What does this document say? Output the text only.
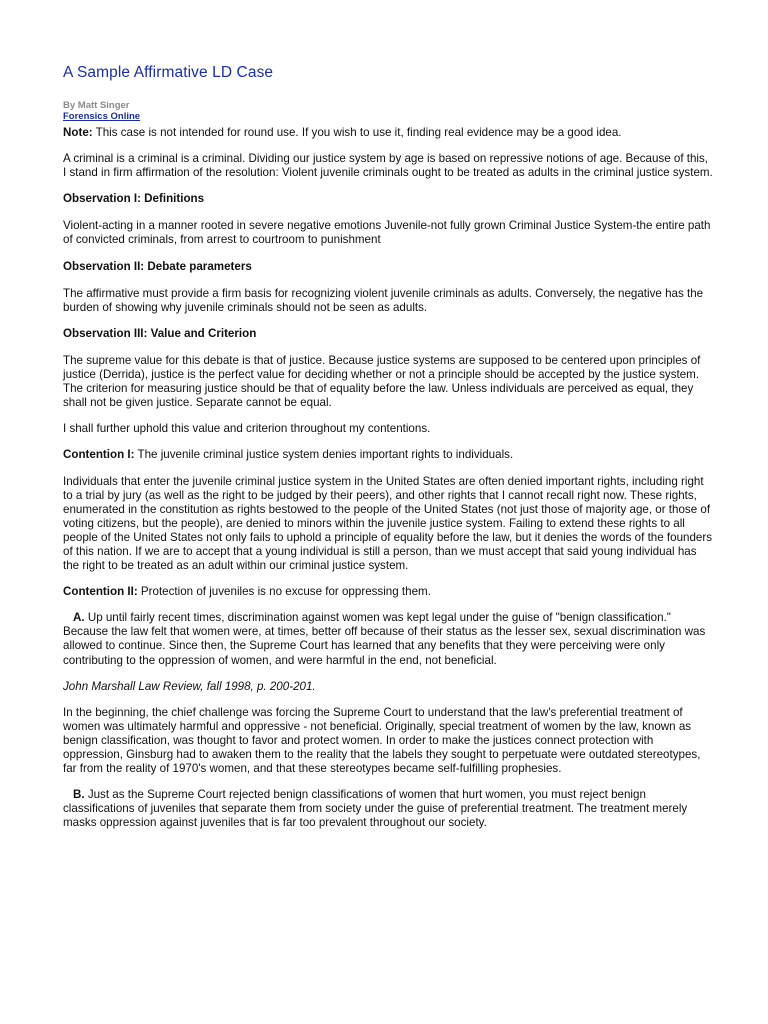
A Sample Affirmative LD Case
By Matt Singer
Forensics Online

Note: This case is not intended for round use. If you wish to use it, finding real evidence may be a good idea.

A criminal is a criminal is a criminal. Dividing our justice system by age is based on repressive notions of age. Because of this, I stand in firm affirmation of the resolution: Violent juvenile criminals ought to be treated as adults in the criminal justice system.

Observation I: Definitions

Violent-acting in a manner rooted in severe negative emotions Juvenile-not fully grown Criminal Justice System-the entire path of convicted criminals, from arrest to courtroom to punishment

Observation II: Debate parameters

The affirmative must provide a firm basis for recognizing violent juvenile criminals as adults. Conversely, the negative has the burden of showing why juvenile criminals should not be seen as adults.

Observation III: Value and Criterion

The supreme value for this debate is that of justice. Because justice systems are supposed to be centered upon principles of justice (Derrida), justice is the perfect value for deciding whether or not a principle should be accepted by the justice system. The criterion for measuring justice should be that of equality before the law. Unless individuals are perceived as equal, they shall not be given justice. Separate cannot be equal.

I shall further uphold this value and criterion throughout my contentions.

Contention I: The juvenile criminal justice system denies important rights to individuals.

Individuals that enter the juvenile criminal justice system in the United States are often denied important rights, including right to a trial by jury (as well as the right to be judged by their peers), and other rights that I cannot recall right now. These rights, enumerated in the constitution as rights bestowed to the people of the United States (not just those of majority age, or those of voting citizens, but the people), are denied to minors within the juvenile justice system. Failing to extend these rights to all people of the United States not only fails to uphold a principle of equality before the law, but it denies the words of the founders of this nation. If we are to accept that a young individual is still a person, than we must accept that said young individual has the right to be treated as an adult within our criminal justice system.

Contention II: Protection of juveniles is no excuse for oppressing them.

A. Up until fairly recent times, discrimination against women was kept legal under the guise of "benign classification." Because the law felt that women were, at times, better off because of their status as the lesser sex, sexual discrimination was allowed to continue. Since then, the Supreme Court has learned that any benefits that they were perceiving were only contributing to the oppression of women, and were harmful in the end, not beneficial.

John Marshall Law Review, fall 1998, p. 200-201.

In the beginning, the chief challenge was forcing the Supreme Court to understand that the law's preferential treatment of women was ultimately harmful and oppressive - not beneficial. Originally, special treatment of women by the law, known as benign classification, was thought to favor and protect women. In order to make the justices connect protection with oppression, Ginsburg had to awaken them to the reality that the labels they sought to perpetuate were outdated stereotypes, far from the reality of 1970's women, and that these stereotypes became self-fulfilling prophesies.

B. Just as the Supreme Court rejected benign classifications of women that hurt women, you must reject benign classifications of juveniles that separate them from society under the guise of preferential treatment. The treatment merely masks oppression against juveniles that is far too prevalent throughout our society.
